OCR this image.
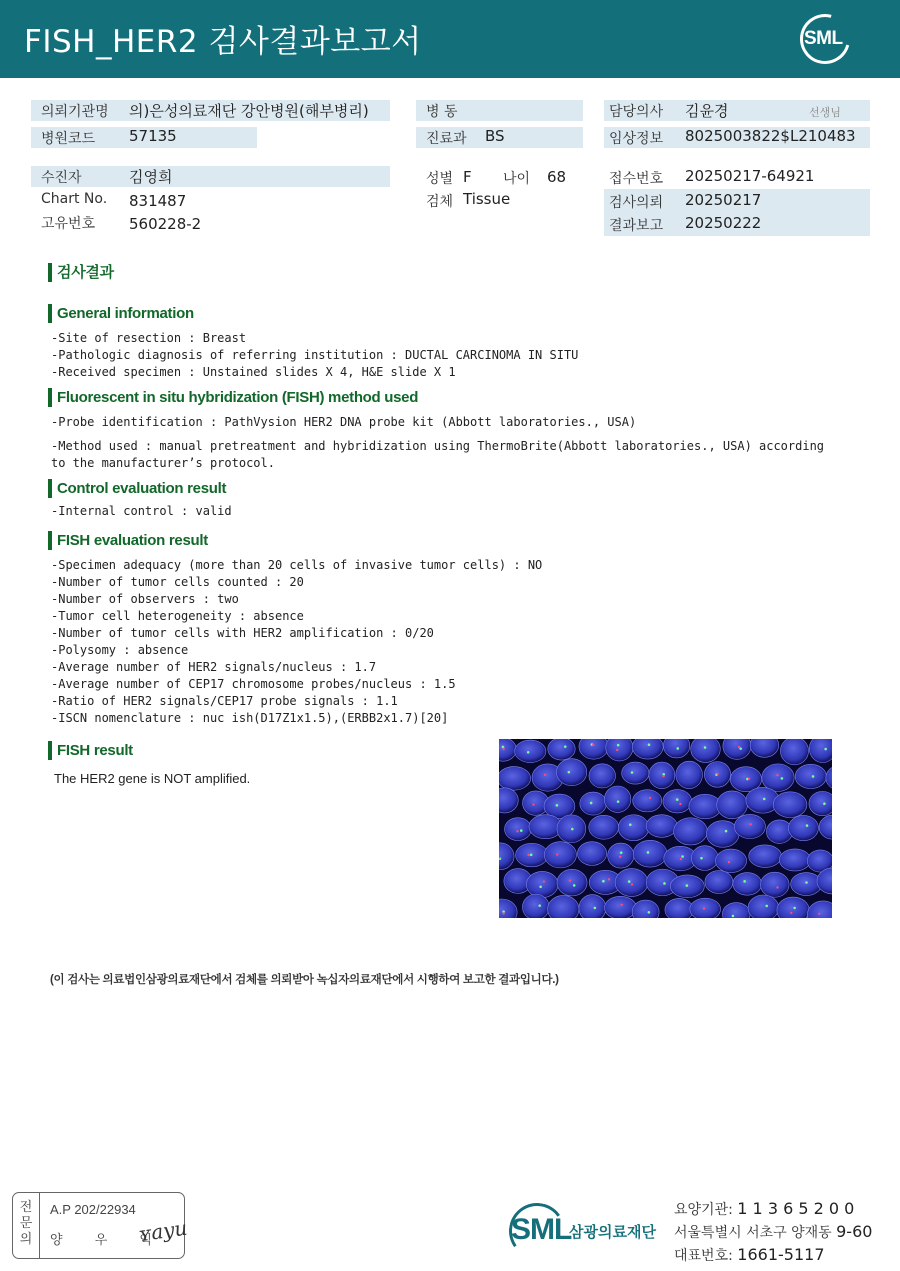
FISH_HER2 검사결과보고서	SML
의뢰기관명 의)은성의료재단 강안병원(해부병리)
병원코드 57135
병 동
진료과 BS
담당의사 김윤경	선생님
임상정보 8025003822$L210483
수진자	김영희
Chart No. 831487
고유번호 560228-2
성별 F 나이 68
검체 Tissue
접수번호 20250217-64921
검사의뢰 20250217
결과보고 20250222
검사결과
General information
-Site of resection : Breast
-Pathologic diagnosis of referring institution : DUCTAL CARCINOMA IN SITU
-Received specimen : Unstained slides X 4, H&E slide X 1
Fluorescent in situ hybridization (FISH) method used
-Probe identification : PathVysion HER2 DNA probe kit (Abbott laboratories., USA)
-Method used : manual pretreatment and hybridization using ThermoBrite(Abbott laboratories., USA) according
to the manufacturer’s protocol.
Control evaluation result
-Internal control : valid
FISH evaluation result
-Specimen adequacy (more than 20 cells of invasive tumor cells) : NO
-Number of tumor cells counted : 20
-Number of observers : two
-Tumor cell heterogeneity : absence
-Number of tumor cells with HER2 amplification : 0/20
-Polysomy : absence
-Average number of HER2 signals/nucleus : 1.7
-Average number of CEP17 chromosome probes/nucleus : 1.5
-Ratio of HER2 signals/CEP17 probe signals : 1.1
-ISCN nomenclature : nuc ish(D17Z1x1.5),(ERBB2x1.7)[20]
FISH result
The HER2 gene is NOT amplified.
(이 검사는 의료법인삼광의료재단에서 검체를 의뢰받아 녹십자의료재단에서 시행하여 보고한 결과입니다.)
전
문
의
A.P 202/22934
양 우 익
ʏayu	SML
삼광의료재단
요양기관: 1 1 3 6 5 2 0 0
서울특별시 서초구 양재동 9-60
대표번호: 1661-5117
